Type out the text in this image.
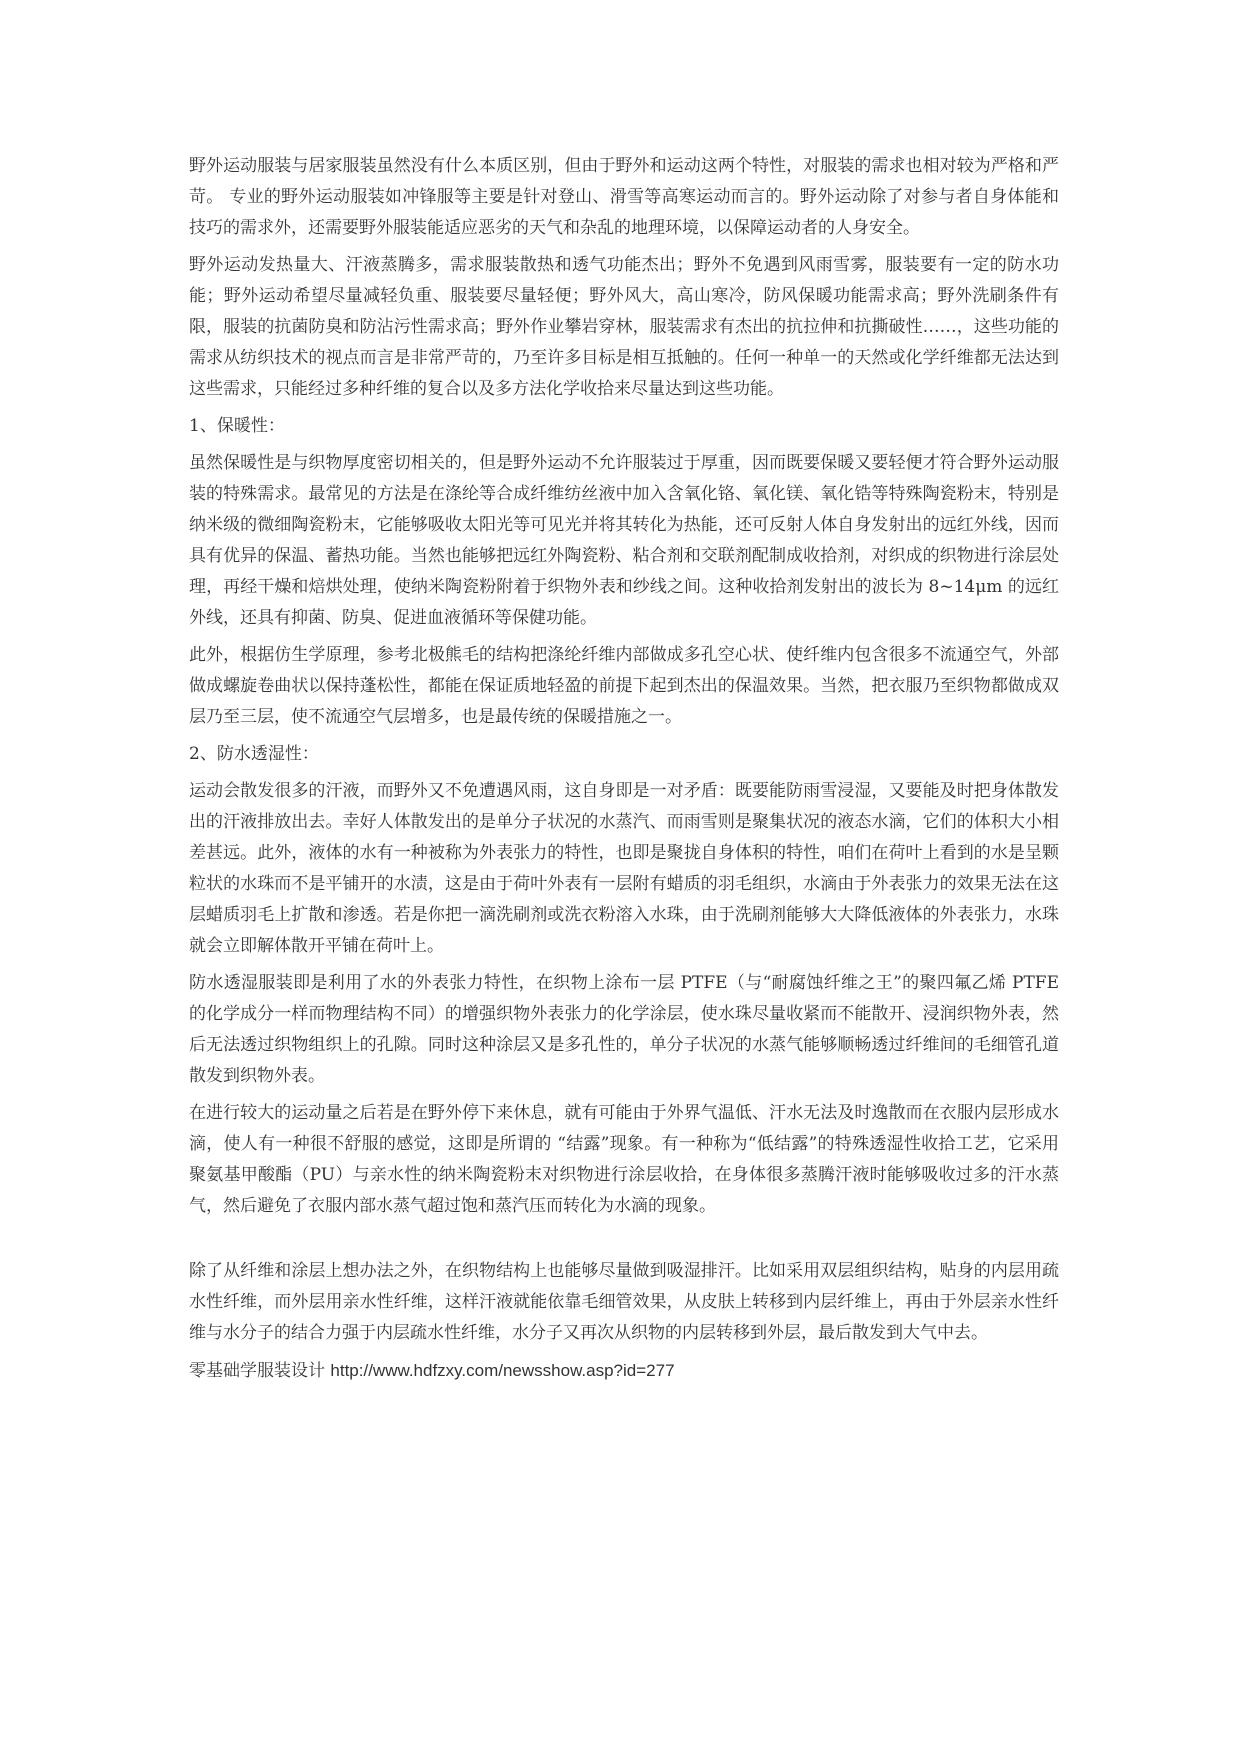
野外运动服装与居家服装虽然没有什么本质区别，但由于野外和运动这两个特性，对服装的需求也相对较为严格和严苛。 专业的野外运动服装如冲锋服等主要是针对登山、滑雪等高寒运动而言的。野外运动除了对参与者自身体能和技巧的需求外，还需要野外服装能适应恶劣的天气和杂乱的地理环境，以保障运动者的人身安全。

野外运动发热量大、汗液蒸腾多，需求服装散热和透气功能杰出；野外不免遇到风雨雪雾，服装要有一定的防水功能；野外运动希望尽量减轻负重、服装要尽量轻便；野外风大，高山寒冷，防风保暖功能需求高；野外洗刷条件有限，服装的抗菌防臭和防沾污性需求高；野外作业攀岩穿林，服装需求有杰出的抗拉伸和抗撕破性……，这些功能的需求从纺织技术的视点而言是非常严苛的，乃至许多目标是相互抵触的。任何一种单一的天然或化学纤维都无法达到这些需求，只能经过多种纤维的复合以及多方法化学收拾来尽量达到这些功能。

1、保暖性：

虽然保暖性是与织物厚度密切相关的，但是野外运动不允许服装过于厚重，因而既要保暖又要轻便才符合野外运动服装的特殊需求。最常见的方法是在涤纶等合成纤维纺丝液中加入含氧化铬、氧化镁、氧化锆等特殊陶瓷粉末，特别是纳米级的微细陶瓷粉末，它能够吸收太阳光等可见光并将其转化为热能，还可反射人体自身发射出的远红外线，因而具有优异的保温、蓄热功能。当然也能够把远红外陶瓷粉、粘合剂和交联剂配制成收拾剂，对织成的织物进行涂层处理，再经干燥和焙烘处理，使纳米陶瓷粉附着于织物外表和纱线之间。这种收拾剂发射出的波长为 8~14μm 的远红外线，还具有抑菌、防臭、促进血液循环等保健功能。

此外，根据仿生学原理，参考北极熊毛的结构把涤纶纤维内部做成多孔空心状、使纤维内包含很多不流通空气，外部做成螺旋卷曲状以保持蓬松性，都能在保证质地轻盈的前提下起到杰出的保温效果。当然，把衣服乃至织物都做成双层乃至三层，使不流通空气层增多，也是最传统的保暖措施之一。

2、防水透湿性：

运动会散发很多的汗液，而野外又不免遭遇风雨，这自身即是一对矛盾：既要能防雨雪浸湿，又要能及时把身体散发出的汗液排放出去。幸好人体散发出的是单分子状况的水蒸汽、而雨雪则是聚集状况的液态水滴，它们的体积大小相差甚远。此外，液体的水有一种被称为外表张力的特性，也即是聚拢自身体积的特性，咱们在荷叶上看到的水是呈颗粒状的水珠而不是平铺开的水渍，这是由于荷叶外表有一层附有蜡质的羽毛组织，水滴由于外表张力的效果无法在这层蜡质羽毛上扩散和渗透。若是你把一滴洗刷剂或洗衣粉溶入水珠，由于洗刷剂能够大大降低液体的外表张力，水珠就会立即解体散开平铺在荷叶上。

防水透湿服装即是利用了水的外表张力特性，在织物上涂布一层 PTFE（与“耐腐蚀纤维之王”的聚四氟乙烯 PTFE 的化学成分一样而物理结构不同）的增强织物外表张力的化学涂层，使水珠尽量收紧而不能散开、浸润织物外表，然后无法透过织物组织上的孔隙。同时这种涂层又是多孔性的，单分子状况的水蒸气能够顺畅透过纤维间的毛细管孔道散发到织物外表。

在进行较大的运动量之后若是在野外停下来休息，就有可能由于外界气温低、汗水无法及时逸散而在衣服内层形成水滴，使人有一种很不舒服的感觉，这即是所谓的 “结露”现象。有一种称为“低结露”的特殊透湿性收拾工艺，它采用聚氨基甲酸酯（PU）与亲水性的纳米陶瓷粉末对织物进行涂层收拾，在身体很多蒸腾汗液时能够吸收过多的汗水蒸气，然后避免了衣服内部水蒸气超过饱和蒸汽压而转化为水滴的现象。

除了从纤维和涂层上想办法之外，在织物结构上也能够尽量做到吸湿排汗。比如采用双层组织结构，贴身的内层用疏水性纤维，而外层用亲水性纤维，这样汗液就能依靠毛细管效果，从皮肤上转移到内层纤维上，再由于外层亲水性纤维与水分子的结合力强于内层疏水性纤维，水分子又再次从织物的内层转移到外层，最后散发到大气中去。

零基础学服装设计 http://www.hdfzxy.com/newsshow.asp?id=277
